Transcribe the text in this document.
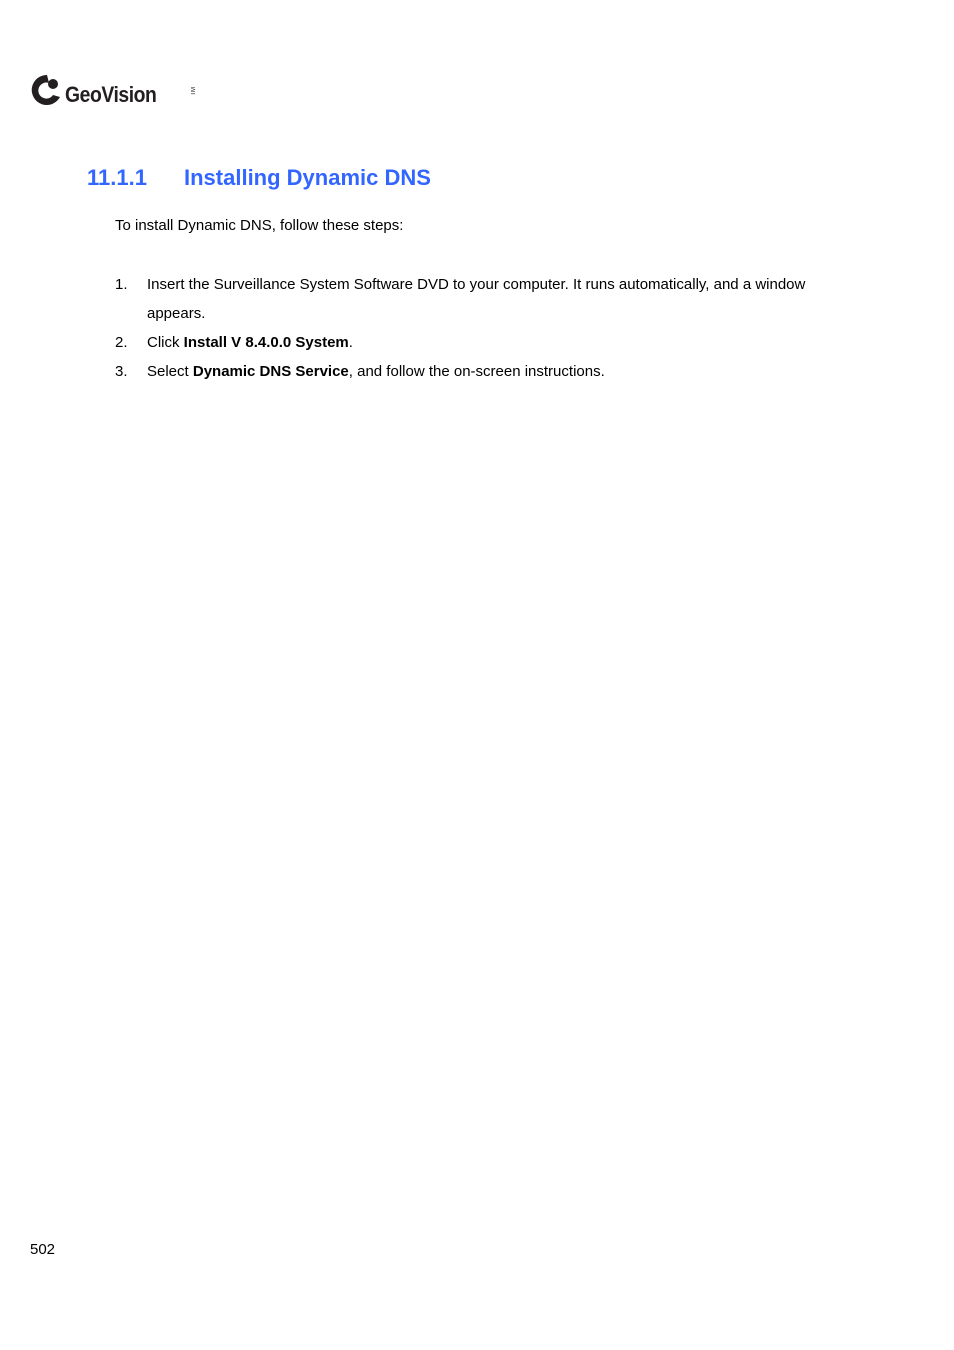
GeoVision	TM
11.1.1 Installing Dynamic DNS

To install Dynamic DNS, follow these steps:

1. Insert the Surveillance System Software DVD to your computer. It runs automatically, and a window appears.
2. Click Install V 8.4.0.0 System.
3. Select Dynamic DNS Service, and follow the on-screen instructions.
502
